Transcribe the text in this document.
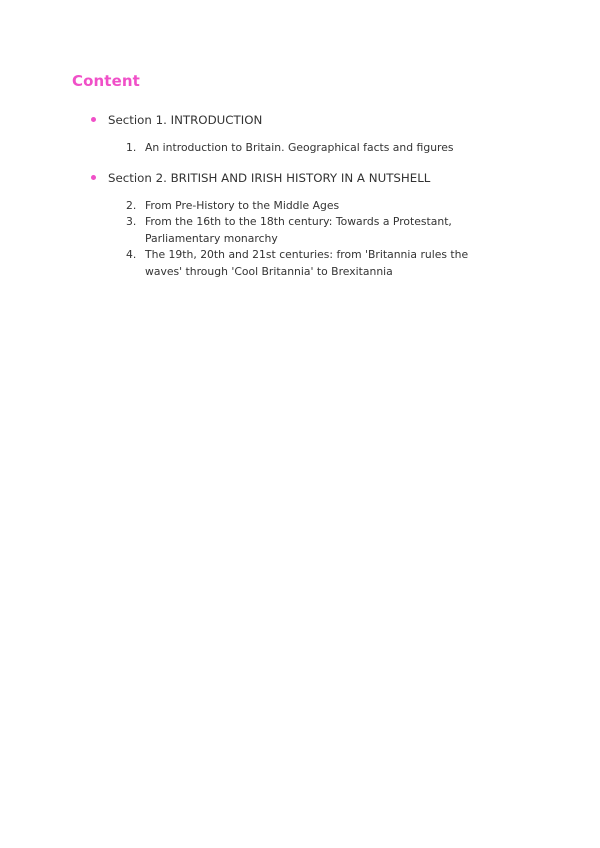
Content
Section 1. INTRODUCTION
1. An introduction to Britain. Geographical facts and figures
Section 2. BRITISH AND IRISH HISTORY IN A NUTSHELL
2. From Pre-History to the Middle Ages
3. From the 16th to the 18th century: Towards a Protestant, Parliamentary monarchy
4. The 19th, 20th and 21st centuries: from 'Britannia rules the waves' through 'Cool Britannia' to Brexitannia
